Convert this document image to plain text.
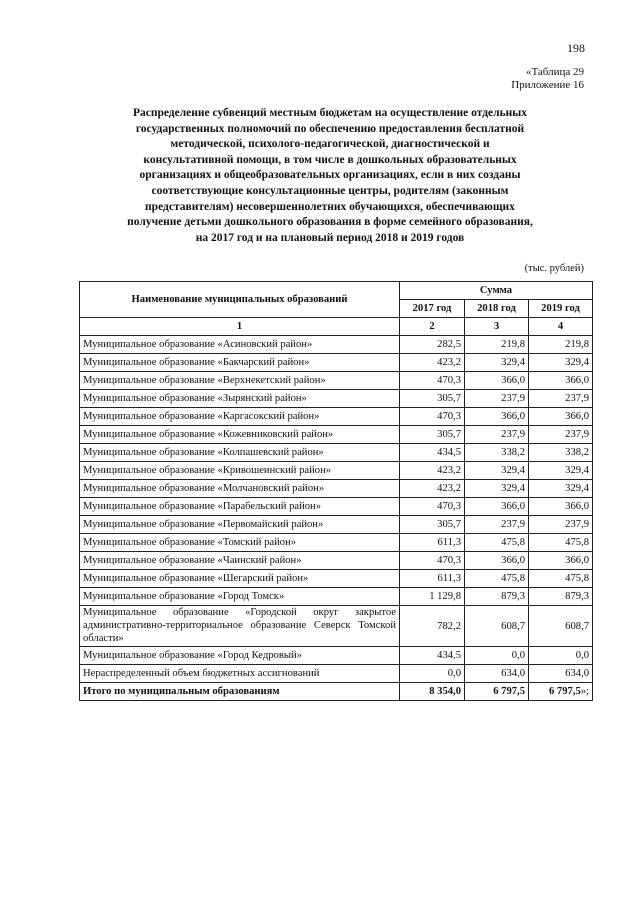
198
«Таблица 29
Приложение 16
Распределение субвенций местным бюджетам на осуществление отдельных
государственных полномочий по обеспечению предоставления бесплатной
методической, психолого-педагогической, диагностической и
консультативной помощи, в том числе в дошкольных образовательных
организациях и общеобразовательных организациях, если в них созданы
соответствующие консультационные центры, родителям (законным
представителям) несовершеннолетних обучающихся, обеспечивающих
получение детьми дошкольного образования в форме семейного образования,
на 2017 год и на плановый период 2018 и 2019 годов
(тыс. рублей)
Наименование муниципальных образований	Сумма		
	2017 год	2018 год	2019 год
1	2	3	4
Муниципальное образование «Асиновский район»	282,5	219,8	219,8
Муниципальное образование «Бакчарский район»	423,2	329,4	329,4
Муниципальное образование «Верхнекетский район»	470,3	366,0	366,0
Муниципальное образование «Зырянский район»	305,7	237,9	237,9
Муниципальное образование «Каргасокский район»	470,3	366,0	366,0
Муниципальное образование «Кожевниковский район»	305,7	237,9	237,9
Муниципальное образование «Колпашевский район»	434,5	338,2	338,2
Муниципальное образование «Кривошеинский район»	423,2	329,4	329,4
Муниципальное образование «Молчановский район»	423,2	329,4	329,4
Муниципальное образование «Парабельский район»	470,3	366,0	366,0
Муниципальное образование «Первомайский район»	305,7	237,9	237,9
Муниципальное образование «Томский район»	611,3	475,8	475,8
Муниципальное образование «Чаинский район»	470,3	366,0	366,0
Муниципальное образование «Шегарский район»	611,3	475,8	475,8
Муниципальное образование «Город Томск»	1 129,8	879,3	879,3
Муниципальное образование «Городской округ закрытое административно-территориальное образование Северск Томской области»	782,2	608,7	608,7
Муниципальное образование «Город Кедровый»	434,5	0,0	0,0
Нераспределенный объем бюджетных ассигнований	0,0	634,0	634,0
Итого по муниципальным образованиям	8 354,0	6 797,5	6 797,5»;
